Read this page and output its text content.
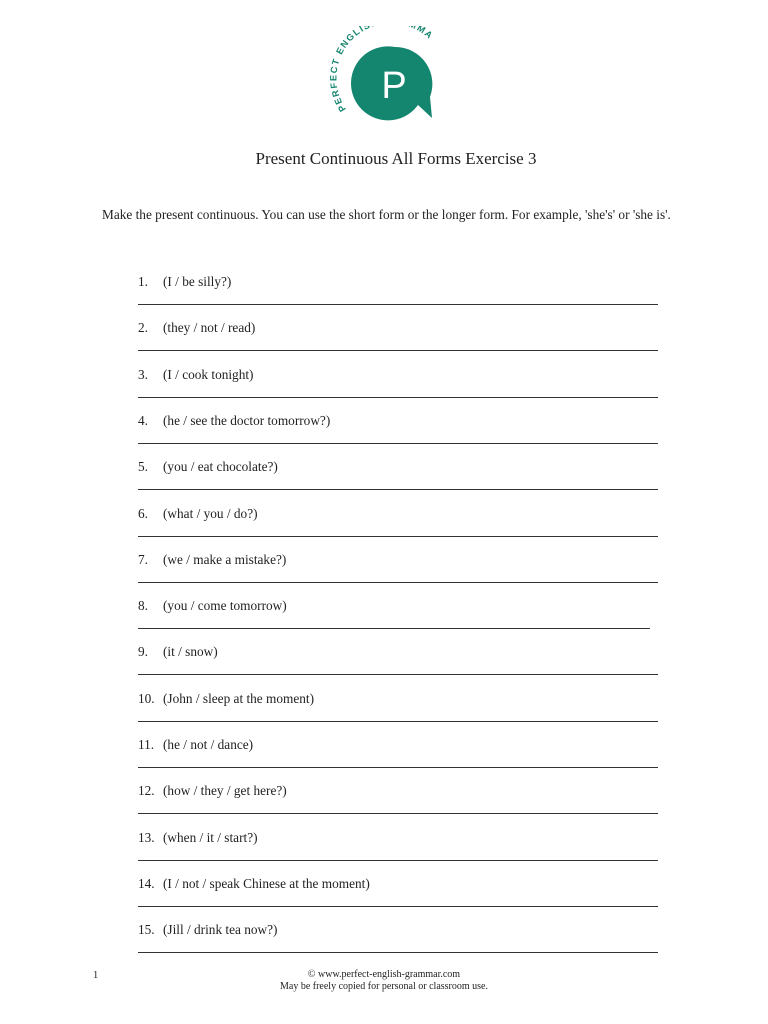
PER T ENGLI MA
P
Present Continuous All Forms Exercise 3
Make the present continuous. You can use the short form or the longer form. For example, 'she's' or 'she is'.
1. (I / be silly?)
2. (they / not / read)
3. (I / cook tonight)
4. (he / see the doctor tomorrow?)
5. (you / eat chocolate?)
6. (what / you / do?)
7. (we / make a mistake?)
8. (you / come tomorrow)
9. (it / snow)
10. (John / sleep at the moment)
11. (he / not / dance)
12. (how / they / get here?)
13. (when / it / start?)
14. (I / not / speak Chinese at the moment)
15. (Jill / drink tea now?)
1	© www.perfect-english-grammar.com
May be freely copied for personal or classroom use.
